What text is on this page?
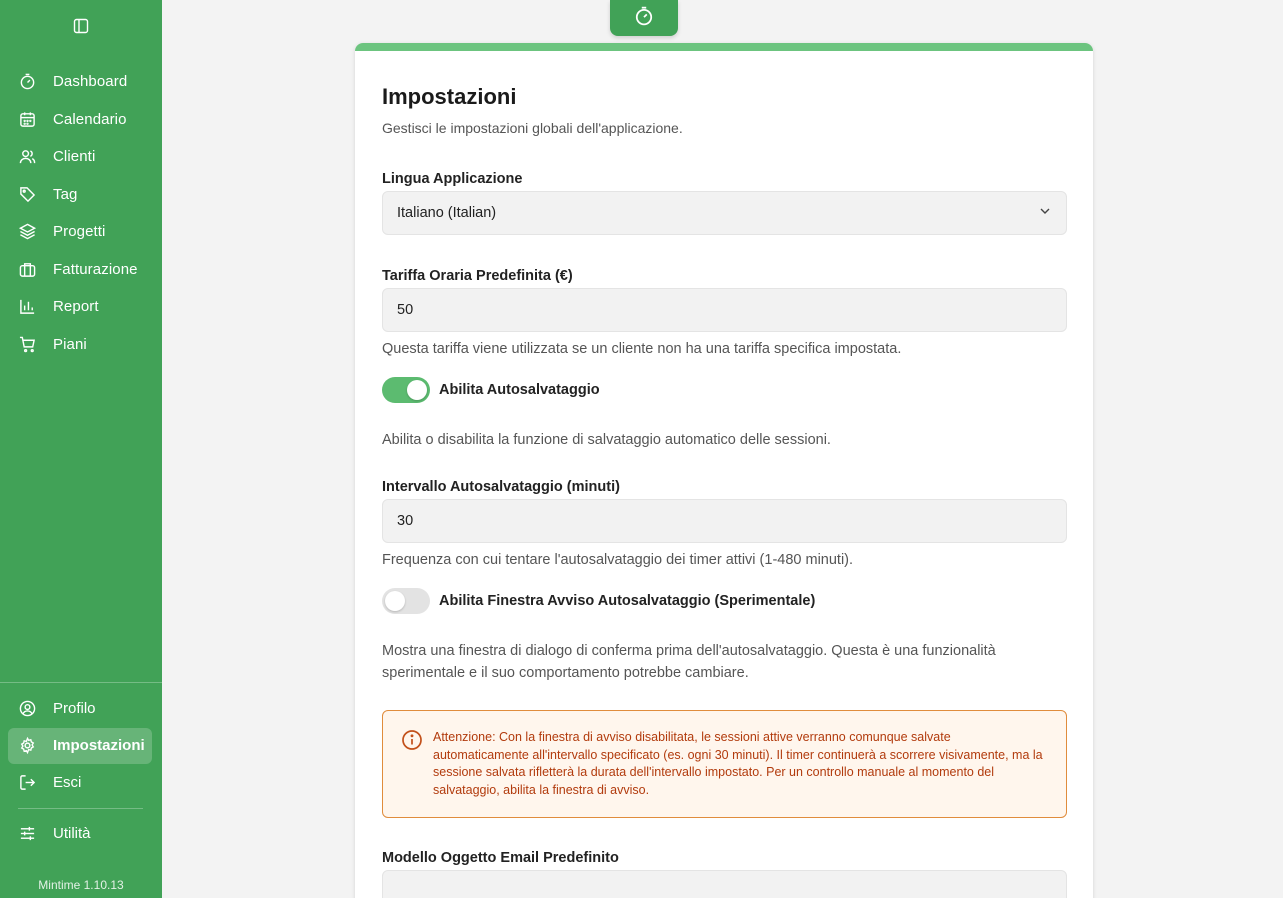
Dashboard
Calendario
Clienti
Tag
Progetti
Fatturazione
Report
Piani
Profilo
Impostazioni
Esci
Utilità
Mintime 1.10.13
Impostazioni
Gestisci le impostazioni globali dell'applicazione.
Lingua Applicazione
Italiano (Italian)
Tariffa Oraria Predefinita (€)
50
Questa tariffa viene utilizzata se un cliente non ha una tariffa specifica impostata.
Abilita Autosalvataggio
Abilita o disabilita la funzione di salvataggio automatico delle sessioni.
Intervallo Autosalvataggio (minuti)
30
Frequenza con cui tentare l'autosalvataggio dei timer attivi (1-480 minuti).
Abilita Finestra Avviso Autosalvataggio (Sperimentale)
Mostra una finestra di dialogo di conferma prima dell'autosalvataggio. Questa è una funzionalità sperimentale e il suo comportamento potrebbe cambiare.
Attenzione: Con la finestra di avviso disabilitata, le sessioni attive verranno comunque salvate automaticamente all'intervallo specificato (es. ogni 30 minuti). Il timer continuerà a scorrere visivamente, ma la sessione salvata rifletterà la durata dell'intervallo impostato. Per un controllo manuale al momento del salvataggio, abilita la finestra di avviso.
Modello Oggetto Email Predefinito
